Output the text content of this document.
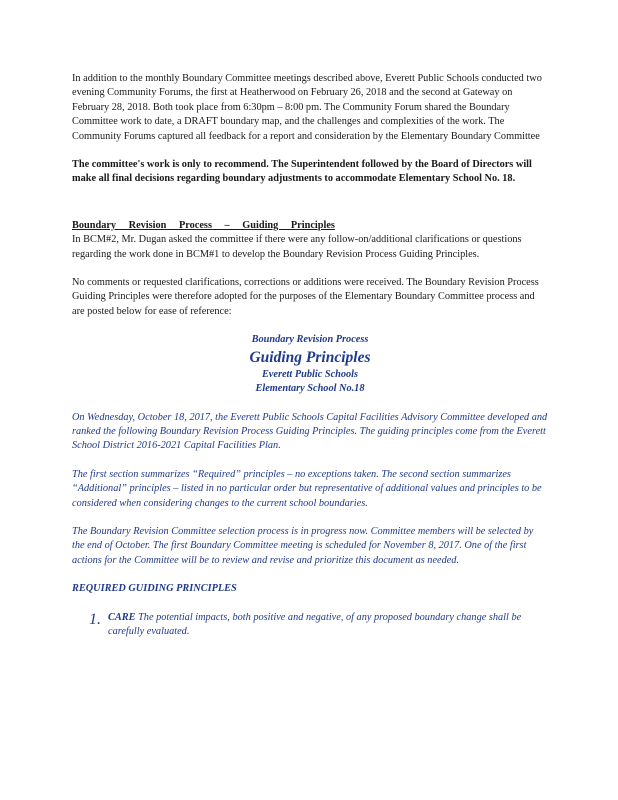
In addition to the monthly Boundary Committee meetings described above, Everett Public Schools conducted two evening Community Forums, the first at Heatherwood on February 26, 2018 and the second at Gateway on February 28, 2018. Both took place from 6:30pm – 8:00 pm. The Community Forum shared the Boundary Committee work to date, a DRAFT boundary map, and the challenges and complexities of the work. The Community Forums captured all feedback for a report and consideration by the Elementary Boundary Committee

The committee's work is only to recommend. The Superintendent followed by the Board of Directors will make all final decisions regarding boundary adjustments to accommodate Elementary School No. 18.

Boundary Revision Process – Guiding Principles

In BCM#2, Mr. Dugan asked the committee if there were any follow-on/additional clarifications or questions regarding the work done in BCM#1 to develop the Boundary Revision Process Guiding Principles.

No comments or requested clarifications, corrections or additions were received. The Boundary Revision Process Guiding Principles were therefore adopted for the purposes of the Elementary Boundary Committee process and are posted below for ease of reference:

Boundary Revision Process
Guiding Principles
Everett Public Schools
Elementary School No.18

On Wednesday, October 18, 2017, the Everett Public Schools Capital Facilities Advisory Committee developed and ranked the following Boundary Revision Process Guiding Principles. The guiding principles come from the Everett School District 2016-2021 Capital Facilities Plan.

The first section summarizes “Required” principles – no exceptions taken. The second section summarizes “Additional” principles – listed in no particular order but representative of additional values and principles to be considered when considering changes to the current school boundaries.

The Boundary Revision Committee selection process is in progress now. Committee members will be selected by the end of October. The first Boundary Committee meeting is scheduled for November 8, 2017. One of the first actions for the Committee will be to review and revise and prioritize this document as needed.

REQUIRED GUIDING PRINCIPLES

1. CARE The potential impacts, both positive and negative, of any proposed boundary change shall be carefully evaluated.
